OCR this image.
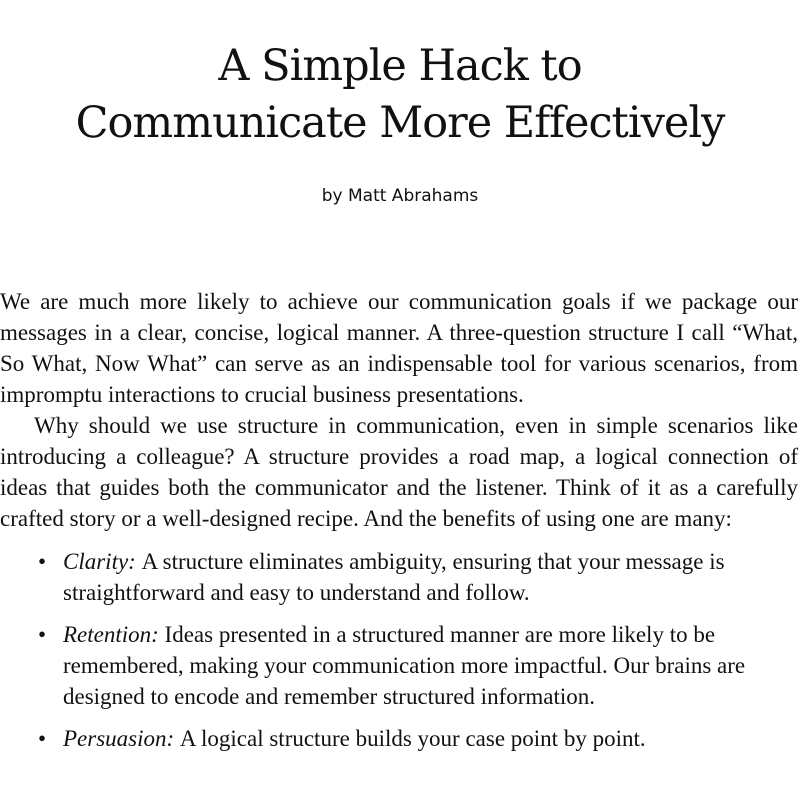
A Simple Hack to
Communicate More Effectively
by Matt Abrahams

We are much more likely to achieve our communication goals if we package our messages in a clear, concise, logical manner. A three-question structure I call “What, So What, Now What” can serve as an indispensable tool for various scenarios, from impromptu interactions to crucial business presentations.

Why should we use structure in communication, even in simple scenarios like introducing a colleague? A structure provides a road map, a logical connection of ideas that guides both the communicator and the listener. Think of it as a carefully crafted story or a well-designed recipe. And the benefits of using one are many:

• Clarity: A structure eliminates ambiguity, ensuring that your message is straightforward and easy to understand and follow.
• Retention: Ideas presented in a structured manner are more likely to be remembered, making your communication more impactful. Our brains are designed to encode and remember structured information.
• Persuasion: A logical structure builds your case point by point.
